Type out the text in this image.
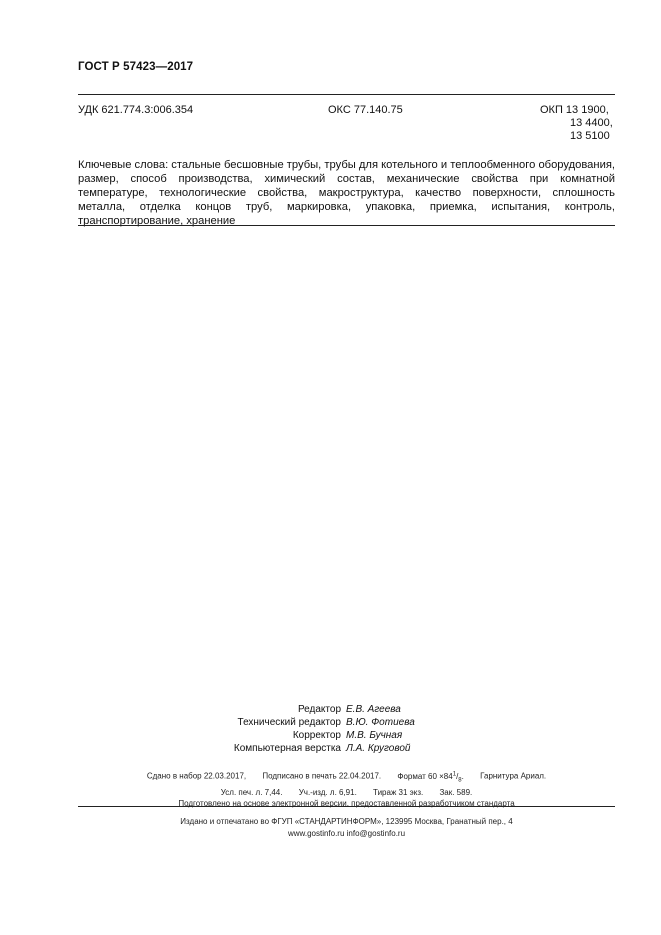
ГОСТ Р 57423—2017
УДК 621.774.3:006.354	ОКС 77.140.75	ОКП 13 1900,
13 4400,
13 5100
Ключевые слова: стальные бесшовные трубы, трубы для котельного и теплообменного оборудования, размер, способ производства, химический состав, механические свойства при комнатной температуре, технологические свойства, макроструктура, качество поверхности, сплошность металла, отделка концов труб, маркировка, упаковка, приемка, испытания, контроль, транспортирование, хранение
Редактор Е.В. Агеева
Технический редактор В.Ю. Фотиева
Корректор М.В. Бучная
Компьютерная верстка Л.А. Круговой
Сдано в набор 22.03.2017, Подписано в печать 22.04.2017. Формат $60 \times 84^1/_8$. Гарнитура Ариал.
Усл. печ. л. 7,44. Уч.-изд. л. 6,91. Тираж 31 экз. Зак. 589.
Подготовлено на основе электронной версии, предоставленной разработчиком стандарта
Издано и отпечатано во ФГУП «СТАНДАРТИНФОРМ», 123995 Москва, Гранатный пер., 4
www.gostinfo.ru info@gostinfo.ru
